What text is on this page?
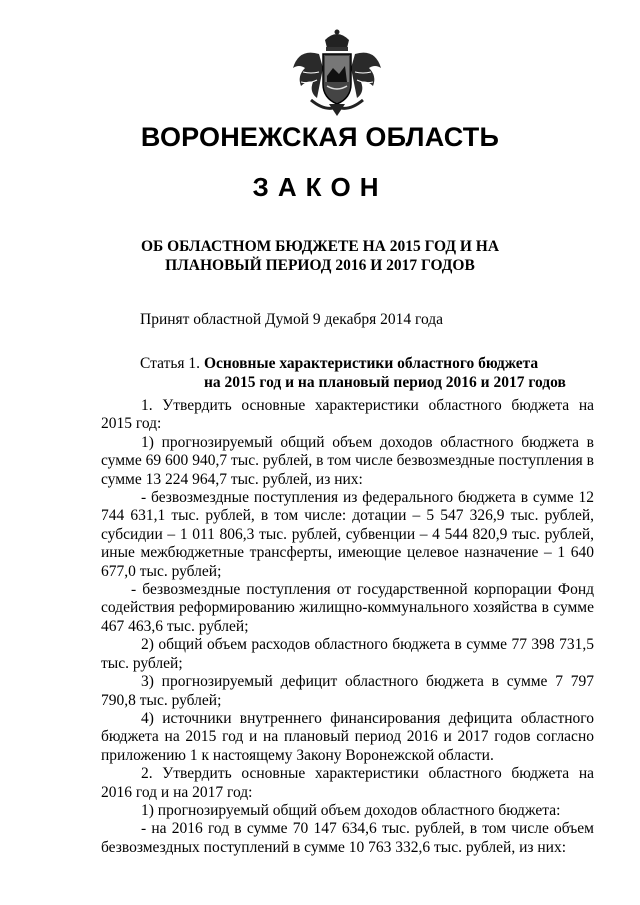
ВОРОНЕЖСКАЯ ОБЛАСТЬ
ЗАКОН
ОБ ОБЛАСТНОМ БЮДЖЕТЕ НА 2015 ГОД И НА
ПЛАНОВЫЙ ПЕРИОД 2016 И 2017 ГОДОВ
Принят областной Думой 9 декабря 2014 года
Статья 1. Основные характеристики областного бюджета
на 2015 год и на плановый период 2016 и 2017 годов

1. Утвердить основные характеристики областного бюджета на 2015 год:

1) прогнозируемый общий объем доходов областного бюджета в сумме 69 600 940,7 тыс. рублей, в том числе безвозмездные поступления в сумме 13 224 964,7 тыс. рублей, из них:

- безвозмездные поступления из федерального бюджета в сумме 12 744 631,1 тыс. рублей, в том числе: дотации – 5 547 326,9 тыс. рублей, субсидии – 1 011 806,3 тыс. рублей, субвенции – 4 544 820,9 тыс. рублей, иные межбюджетные трансферты, имеющие целевое назначение – 1 640 677,0 тыс. рублей;

- безвозмездные поступления от государственной корпорации Фонд содействия реформированию жилищно-коммунального хозяйства в сумме 467 463,6 тыс. рублей;

2) общий объем расходов областного бюджета в сумме 77 398 731,5 тыс. рублей;

3) прогнозируемый дефицит областного бюджета в сумме 7 797 790,8 тыс. рублей;

4) источники внутреннего финансирования дефицита областного бюджета на 2015 год и на плановый период 2016 и 2017 годов согласно приложению 1 к настоящему Закону Воронежской области.

2. Утвердить основные характеристики областного бюджета на 2016 год и на 2017 год:

1) прогнозируемый общий объем доходов областного бюджета:

- на 2016 год в сумме 70 147 634,6 тыс. рублей, в том числе объем безвозмездных поступлений в сумме 10 763 332,6 тыс. рублей, из них:
